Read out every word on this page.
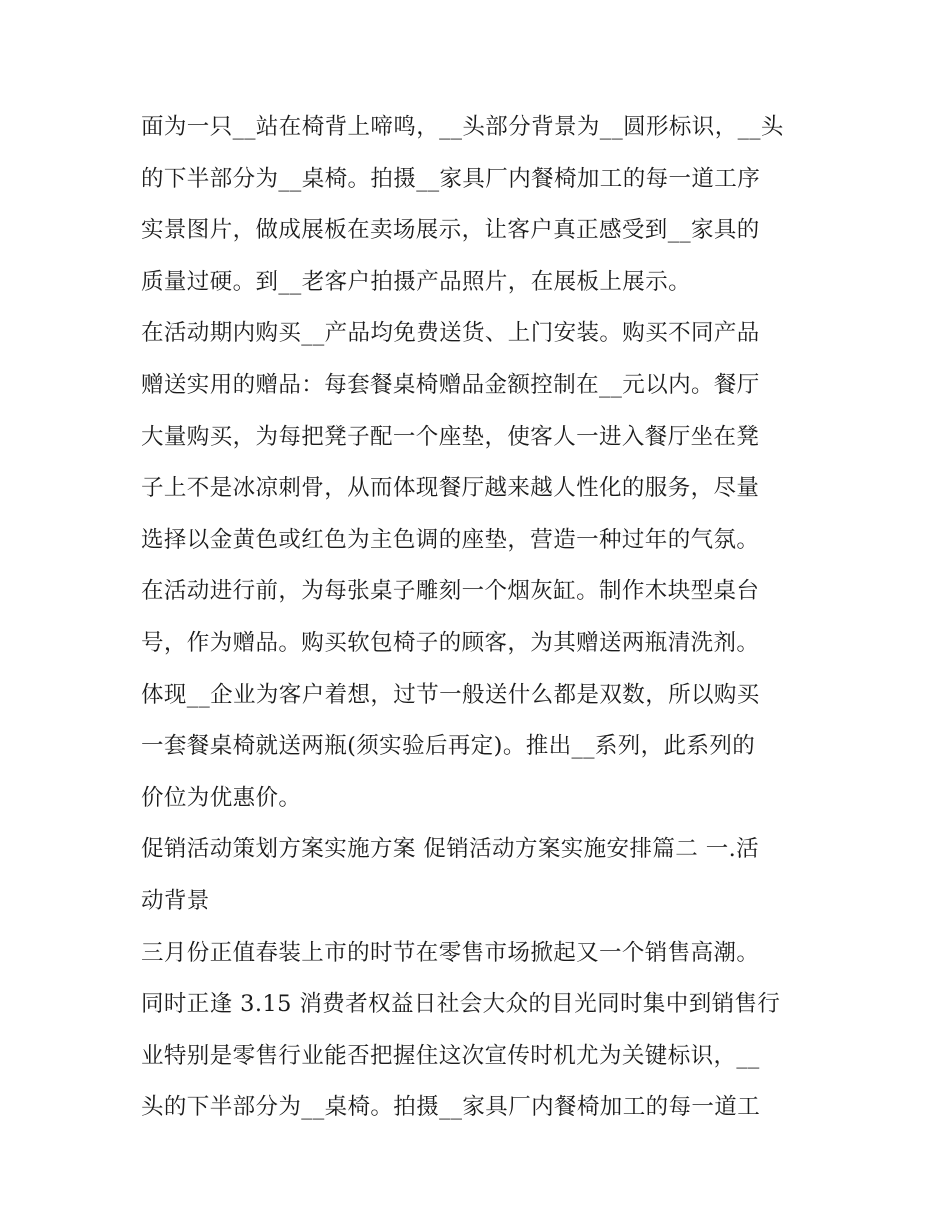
面为一只__站在椅背上啼鸣，__头部分背景为__圆形标识，__头
的下半部分为__桌椅。拍摄__家具厂内餐椅加工的每一道工序
实景图片，做成展板在卖场展示，让客户真正感受到__家具的
质量过硬。到__老客户拍摄产品照片，在展板上展示。
在活动期内购买__产品均免费送货、上门安装。购买不同产品
赠送实用的赠品：每套餐桌椅赠品金额控制在__元以内。餐厅
大量购买，为每把凳子配一个座垫，使客人一进入餐厅坐在凳
子上不是冰凉刺骨，从而体现餐厅越来越人性化的服务，尽量
选择以金黄色或红色为主色调的座垫，营造一种过年的气氛。
在活动进行前，为每张桌子雕刻一个烟灰缸。制作木块型桌台
号，作为赠品。购买软包椅子的顾客，为其赠送两瓶清洗剂。
体现__企业为客户着想，过节一般送什么都是双数，所以购买
一套餐桌椅就送两瓶(须实验后再定)。推出__系列，此系列的
价位为优惠价。
促销活动策划方案实施方案 促销活动方案实施安排篇二 一.活
动背景
三月份正值春装上市的时节在零售市场掀起又一个销售高潮。
同时正逢 3.15 消费者权益日社会大众的目光同时集中到销售行
业特别是零售行业能否把握住这次宣传时机尤为关键标识，__
头的下半部分为__桌椅。拍摄__家具厂内餐椅加工的每一道工
